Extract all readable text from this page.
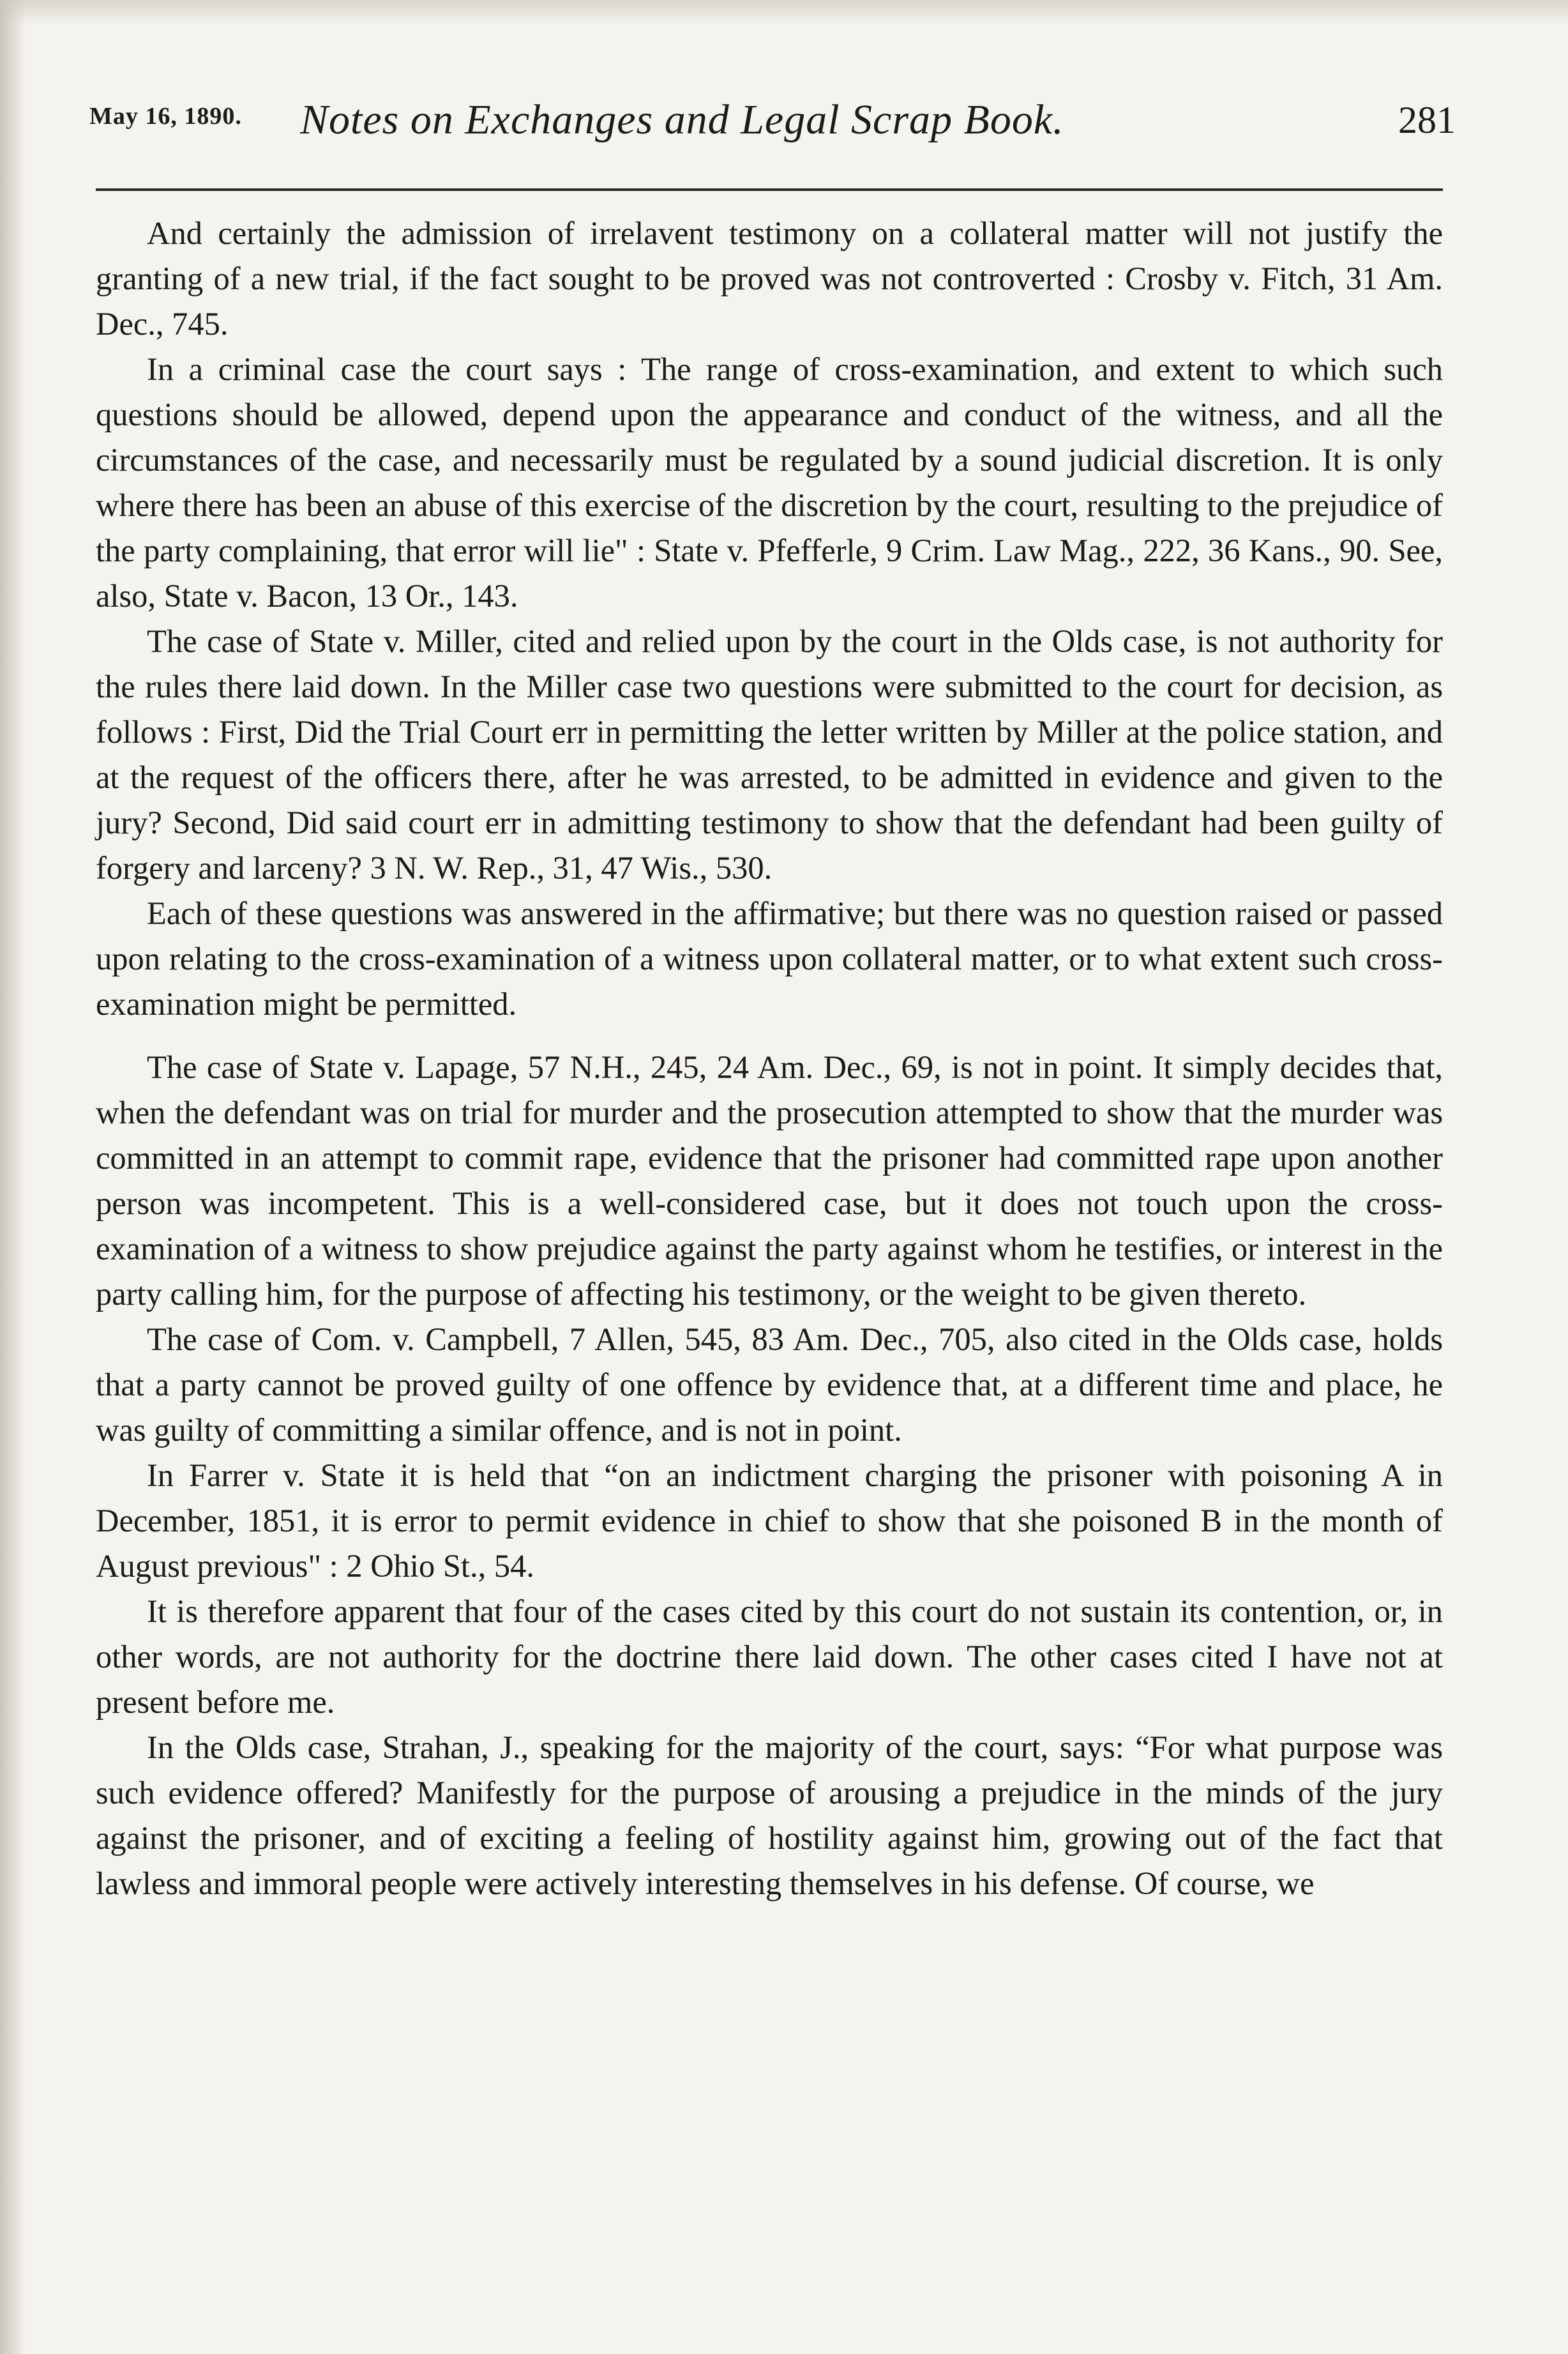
May 16, 1890. Notes on Exchanges and Legal Scrap Book.	281

And certainly the admission of irrelavent testimony on a collateral matter will not justify the granting of a new trial, if the fact sought to be proved was not controverted : Crosby v. Fitch, 31 Am. Dec., 745.

In a criminal case the court says : The range of cross-examination, and extent to which such questions should be allowed, depend upon the appearance and conduct of the witness, and all the circumstances of the case, and necessarily must be regulated by a sound judicial discretion. It is only where there has been an abuse of this exercise of the discretion by the court, resulting to the prejudice of the party complaining, that error will lie" : State v. Pfefferle, 9 Crim. Law Mag., 222, 36 Kans., 90. See, also, State v. Bacon, 13 Or., 143.

The case of State v. Miller, cited and relied upon by the court in the Olds case, is not authority for the rules there laid down. In the Miller case two questions were submitted to the court for decision, as follows : First, Did the Trial Court err in permitting the letter written by Miller at the police station, and at the request of the officers there, after he was arrested, to be admitted in evidence and given to the jury? Second, Did said court err in admitting testimony to show that the defendant had been guilty of forgery and larceny? 3 N. W. Rep., 31, 47 Wis., 530.

Each of these questions was answered in the affirmative; but there was no question raised or passed upon relating to the cross-examination of a witness upon collateral matter, or to what extent such cross-examination might be permitted.

The case of State v. Lapage, 57 N.H., 245, 24 Am. Dec., 69, is not in point. It simply decides that, when the defendant was on trial for murder and the prosecution attempted to show that the murder was committed in an attempt to commit rape, evidence that the prisoner had committed rape upon another person was incompetent. This is a well-considered case, but it does not touch upon the cross-examination of a witness to show prejudice against the party against whom he testifies, or interest in the party calling him, for the purpose of affecting his testimony, or the weight to be given thereto.

The case of Com. v. Campbell, 7 Allen, 545, 83 Am. Dec., 705, also cited in the Olds case, holds that a party cannot be proved guilty of one offence by evidence that, at a different time and place, he was guilty of committing a similar offence, and is not in point.

In Farrer v. State it is held that “on an indictment charging the prisoner with poisoning A in December, 1851, it is error to permit evidence in chief to show that she poisoned B in the month of August previous" : 2 Ohio St., 54.

It is therefore apparent that four of the cases cited by this court do not sustain its contention, or, in other words, are not authority for the doctrine there laid down. The other cases cited I have not at present before me.

In the Olds case, Strahan, J., speaking for the majority of the court, says: “For what purpose was such evidence offered? Manifestly for the purpose of arousing a prejudice in the minds of the jury against the prisoner, and of exciting a feeling of hostility against him, growing out of the fact that lawless and immoral people were actively interesting themselves in his defense. Of course, we
